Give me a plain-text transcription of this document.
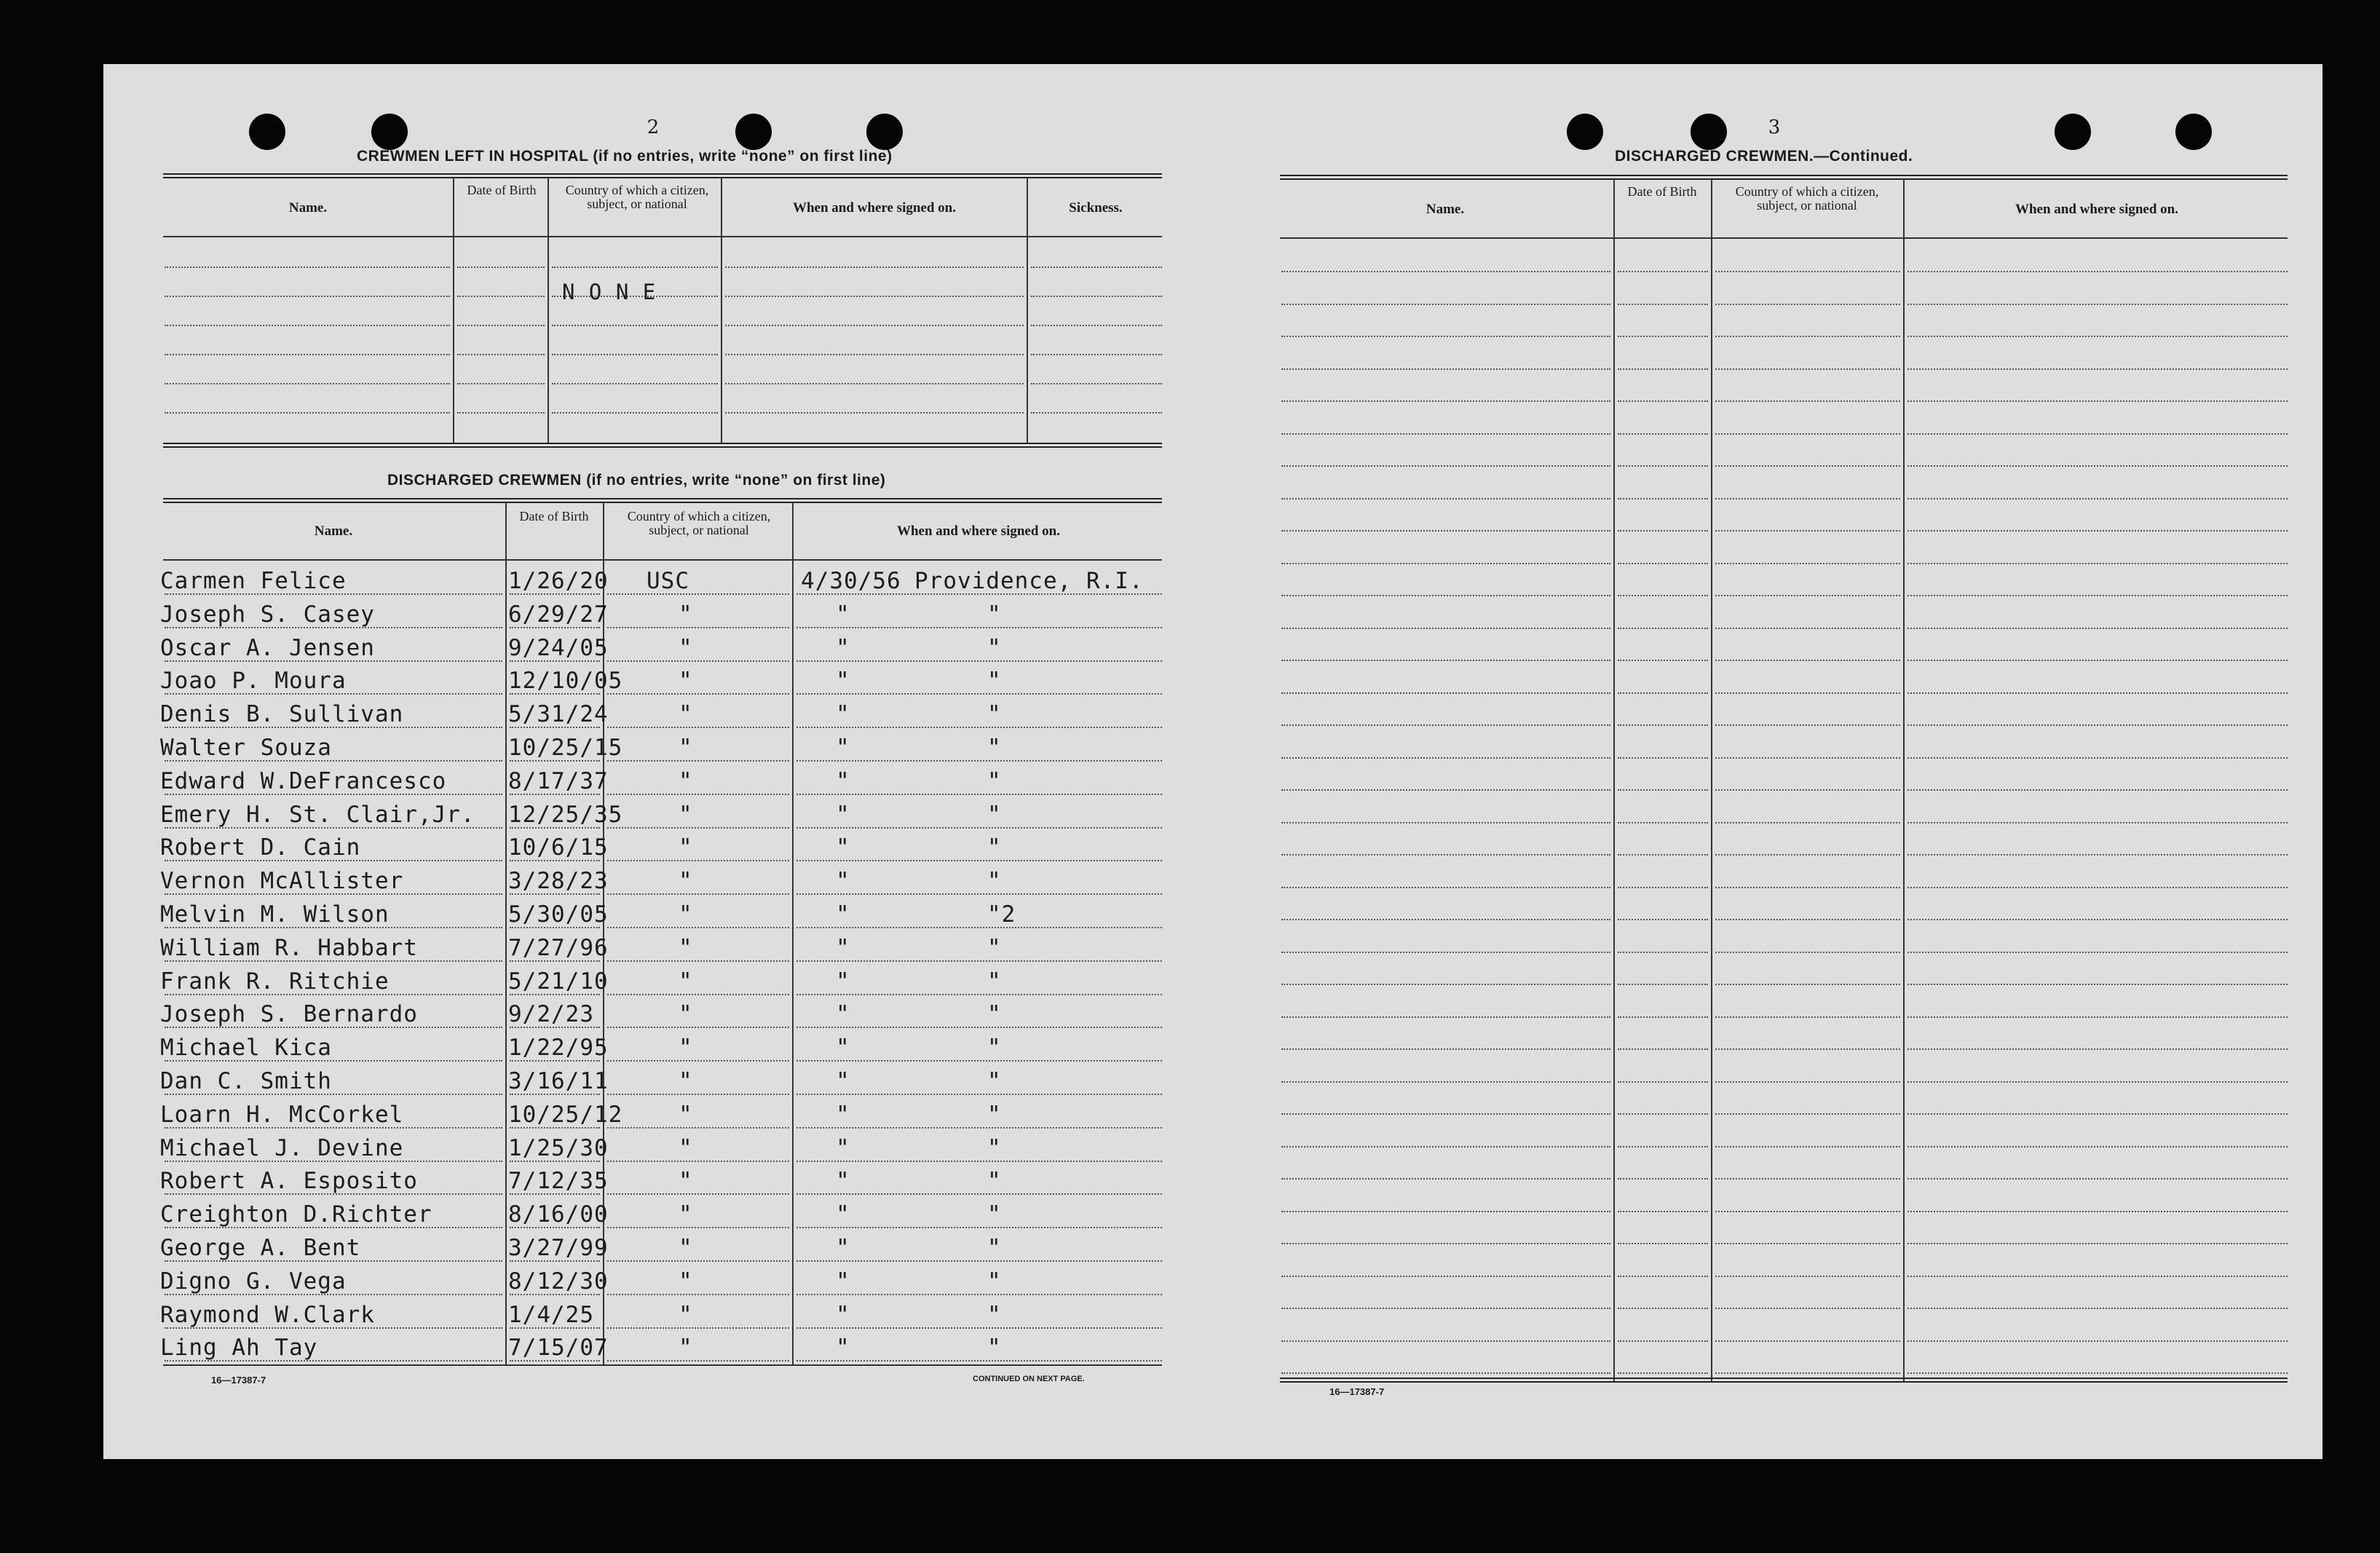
2
CREWMEN LEFT IN HOSPITAL (if no entries, write “none” on first line)
Name.
Date of Birth	Country of which a citizen, subject, or national	When and where signed on.	Sickness.
N O N E
DISCHARGED CREWMEN (if no entries, write “none” on first line)
Name.
Date of Birth	Country of which a citizen, subject, or national	When and where signed on.
Carmen Felice	1/26/20 USC	4/30/56 Providence, R.I.
Joseph S. Casey	6/29/27	"	"	"
Oscar A. Jensen	9/24/05	"	"	"
Joao P. Moura	12/10/05 "	"	"
Denis B. Sullivan	5/31/24	"	"	"
Walter Souza	10/25/15 "	"	"
Edward W.DeFrancesco	8/17/37	"	"	"
Emery H. St. Clair,Jr. 12/25/35 "	"	"
Robert D. Cain	10/6/15	"	"	"
Vernon McAllister	3/28/23	"	"	"
Melvin M. Wilson	5/30/05	"	"	"2
William R. Habbart	7/27/96	"	"	"
Frank R. Ritchie	5/21/10	"	"	"
Joseph S. Bernardo	9/2/23	"	"	"
Michael Kica	1/22/95	"	"	"
Dan C. Smith	3/16/11	"	"	"
Loarn H. McCorkel	10/25/12 "	"	"
Michael J. Devine	1/25/30	"	"	"
Robert A. Esposito	7/12/35	"	"	"
Creighton D.Richter	8/16/00	"	"	"
George A. Bent	3/27/99	"	"	"
Digno G. Vega	8/12/30	"	"	"
Raymond W.Clark	1/4/25	"	"	"
Ling Ah Tay	7/15/07	"	"	"
16—17387-7	CONTINUED ON NEXT PAGE.
3
DISCHARGED CREWMEN.—Continued.
Name.
Date of Birth	Country of which a citizen, subject, or national	When and where signed on.
16—17387-7
